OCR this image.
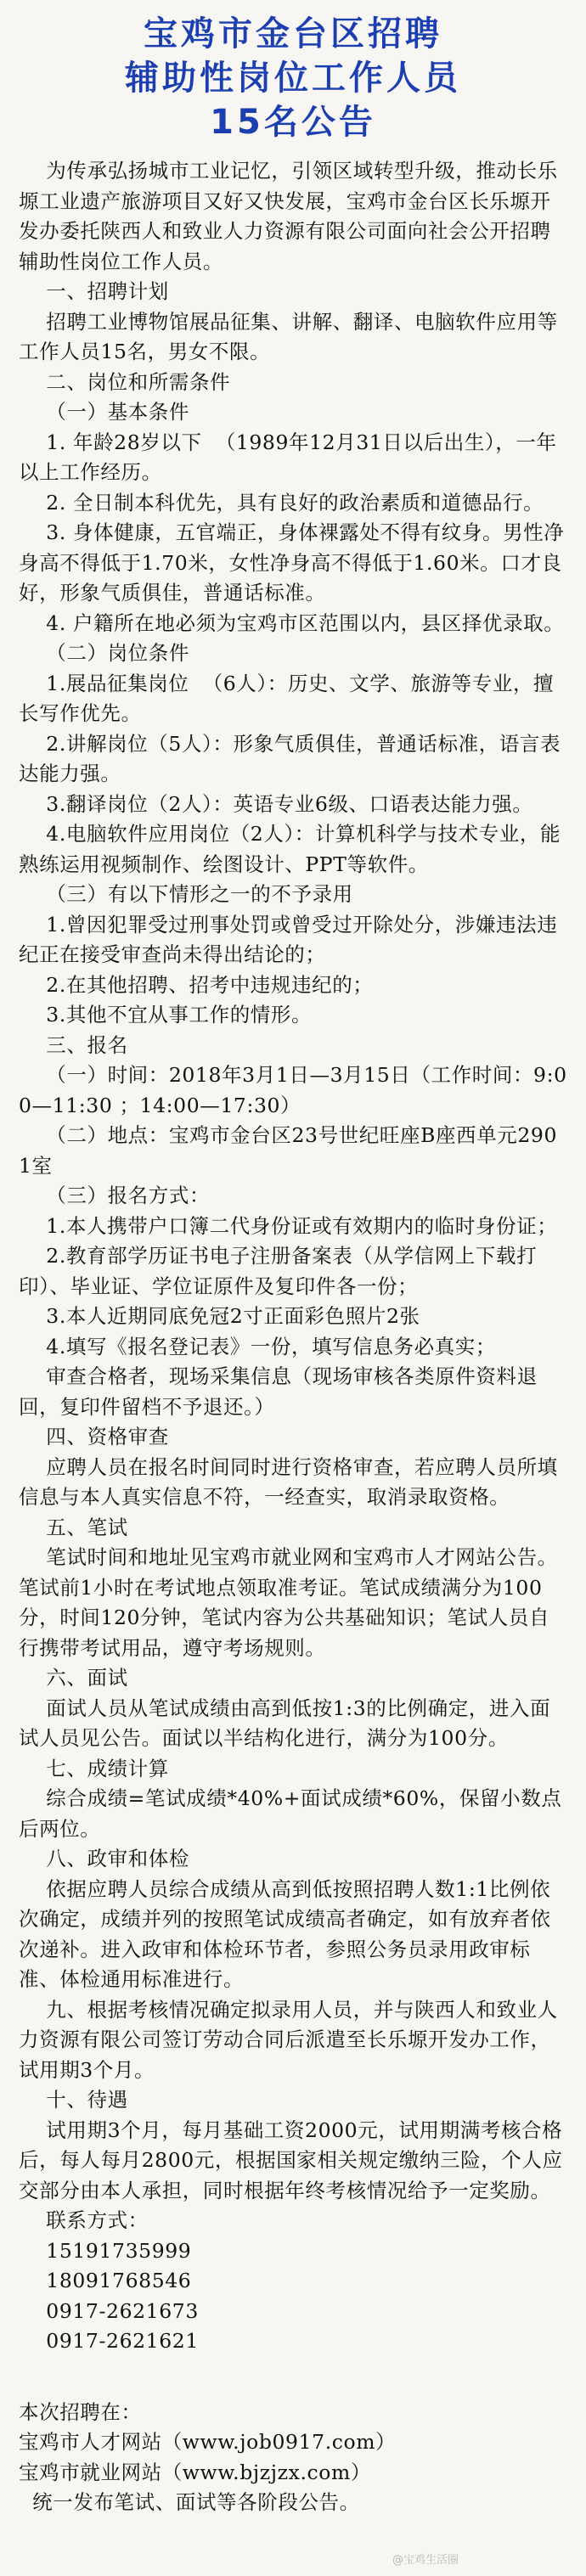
宝鸡市金台区招聘
辅助性岗位工作人员
15名公告

为传承弘扬城市工业记忆，引领区域转型升级，推动长乐塬工业遗产旅游项目又好又快发展，宝鸡市金台区长乐塬开发办委托陕西人和致业人力资源有限公司面向社会公开招聘辅助性岗位工作人员。

一、招聘计划

招聘工业博物馆展品征集、讲解、翻译、电脑软件应用等工作人员15名，男女不限。

二、岗位和所需条件

（一）基本条件

1. 年龄28岁以下  （1989年12月31日以后出生），一年以上工作经历。

2. 全日制本科优先，具有良好的政治素质和道德品行。

3. 身体健康，五官端正，身体裸露处不得有纹身。男性净身高不得低于1.70米，女性净身高不得低于1.60米。口才良好，形象气质俱佳，普通话标准。

4. 户籍所在地必须为宝鸡市区范围以内，县区择优录取。

（二）岗位条件

1.展品征集岗位  （6人）：历史、文学、旅游等专业，擅长写作优先。

2.讲解岗位（5人）：形象气质俱佳，普通话标准，语言表达能力强。

3.翻译岗位（2人）：英语专业6级、口语表达能力强。

4.电脑软件应用岗位（2人）：计算机科学与技术专业，能熟练运用视频制作、绘图设计、PPT等软件。

（三）有以下情形之一的不予录用

1.曾因犯罪受过刑事处罚或曾受过开除处分，涉嫌违法违纪正在接受审查尚未得出结论的；

2.在其他招聘、招考中违规违纪的；

3.其他不宜从事工作的情形。

三、报名

（一）时间：2018年3月1日—3月15日（工作时间：9:00—11:30 ；14:00—17:30）

（二）地点：宝鸡市金台区23号世纪旺座B座西单元2901室

（三）报名方式：

1.本人携带户口簿二代身份证或有效期内的临时身份证；

2.教育部学历证书电子注册备案表（从学信网上下载打印）、毕业证、学位证原件及复印件各一份；

3.本人近期同底免冠2寸正面彩色照片2张

4.填写《报名登记表》一份，填写信息务必真实；

审查合格者，现场采集信息（现场审核各类原件资料退回，复印件留档不予退还。）

四、资格审查

应聘人员在报名时间同时进行资格审查，若应聘人员所填信息与本人真实信息不符，一经查实，取消录取资格。

五、笔试

笔试时间和地址见宝鸡市就业网和宝鸡市人才网站公告。笔试前1小时在考试地点领取准考证。笔试成绩满分为100分，时间120分钟，笔试内容为公共基础知识；笔试人员自行携带考试用品，遵守考场规则。

六、面试

面试人员从笔试成绩由高到低按1:3的比例确定，进入面试人员见公告。面试以半结构化进行，满分为100分。

七、成绩计算

综合成绩=笔试成绩*40%+面试成绩*60%，保留小数点后两位。

八、政审和体检

依据应聘人员综合成绩从高到低按照招聘人数1:1比例依次确定，成绩并列的按照笔试成绩高者确定，如有放弃者依次递补。进入政审和体检环节者，参照公务员录用政审标准、体检通用标准进行。

九、根据考核情况确定拟录用人员，并与陕西人和致业人力资源有限公司签订劳动合同后派遣至长乐塬开发办工作，试用期3个月。

十、待遇

试用期3个月，每月基础工资2000元，试用期满考核合格后，每人每月2800元，根据国家相关规定缴纳三险，个人应交部分由本人承担，同时根据年终考核情况给予一定奖励。

联系方式：

15191735999

18091768546

0917-2621673

0917-2621621

本次招聘在：

宝鸡市人才网站（www.job0917.com）

宝鸡市就业网站（www.bjzjzx.com）

统一发布笔试、面试等各阶段公告。

@宝鸡生活圈
